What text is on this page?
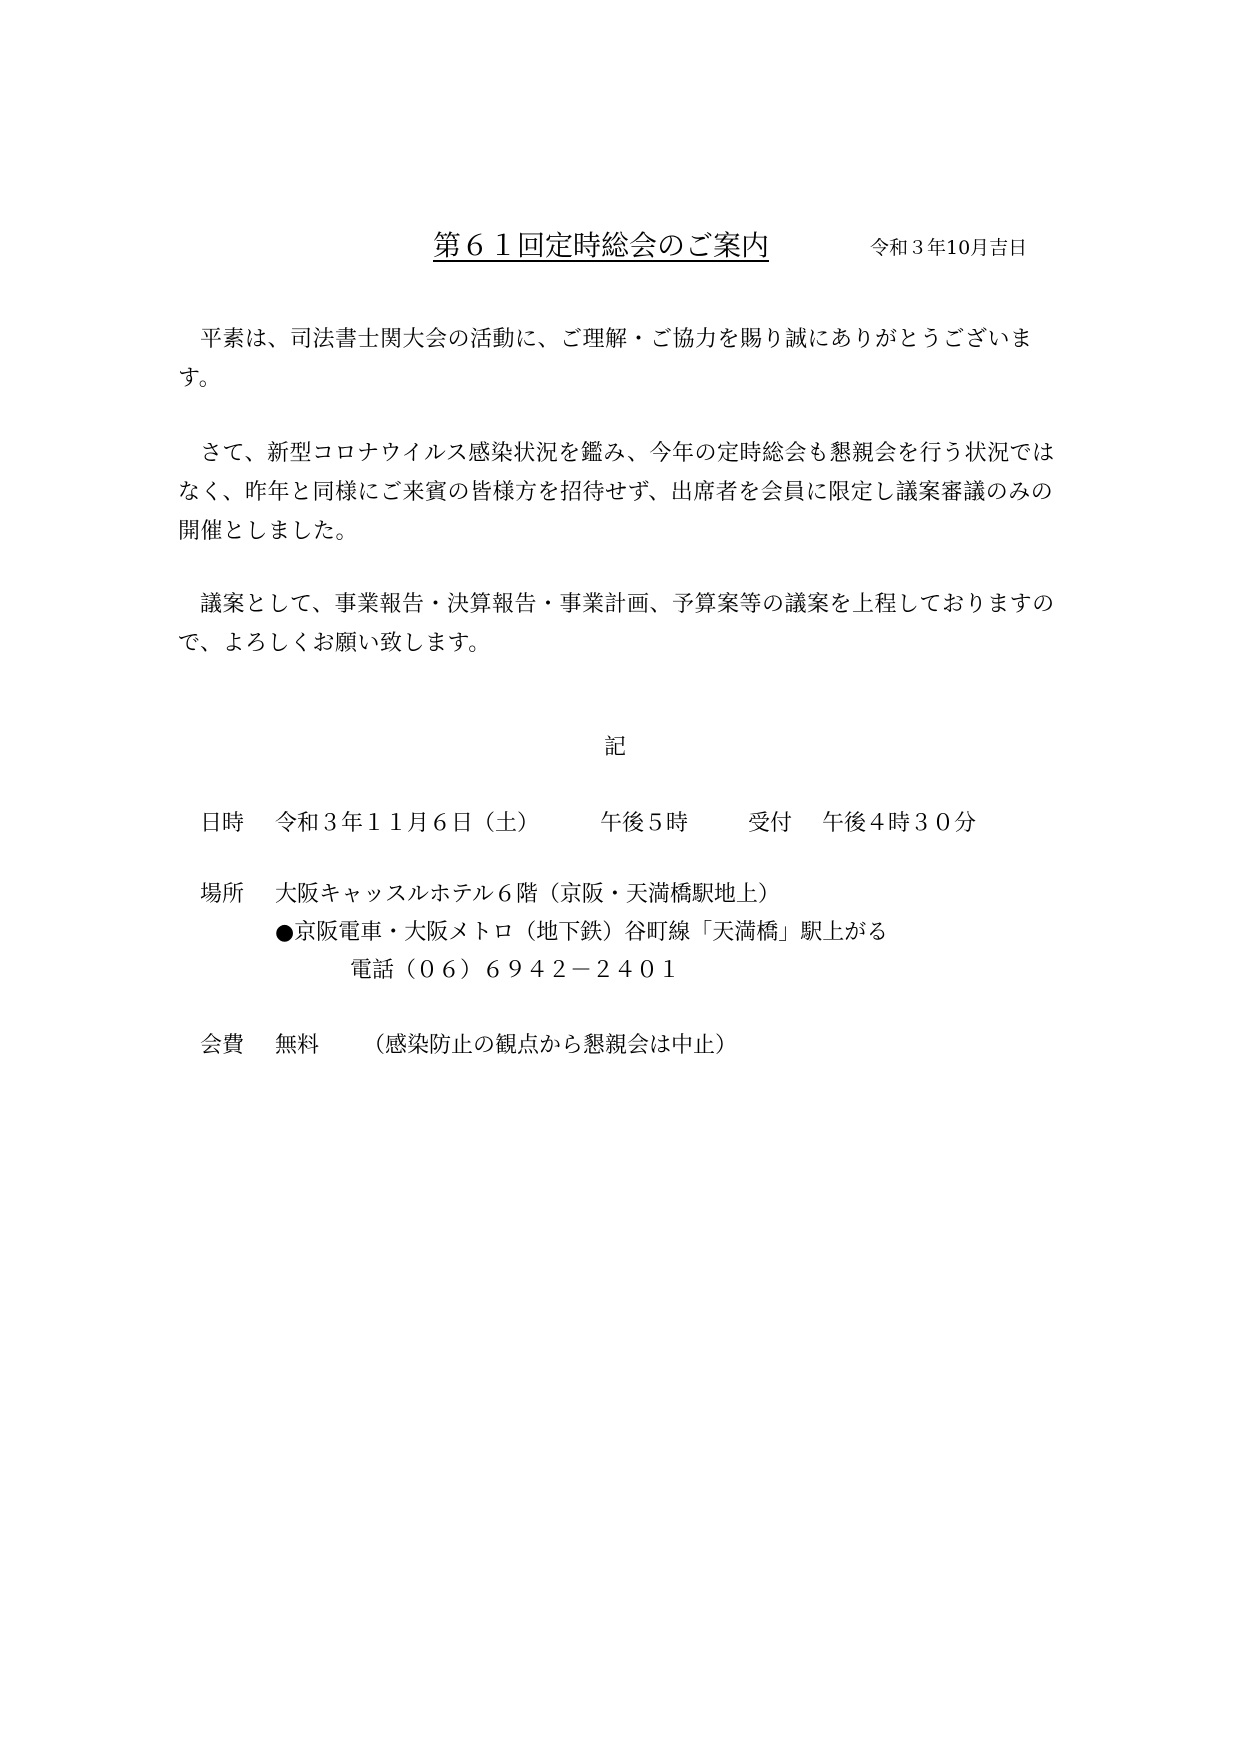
第６１回定時総会のご案内	令和３年10月吉日

平素は、司法書士関大会の活動に、ご理解・ご協力を賜り誠にありがとうございます。

さて、新型コロナウイルス感染状況を鑑み、今年の定時総会も懇親会を行う状況ではなく、昨年と同様にご来賓の皆様方を招待せず、出席者を会員に限定し議案審議のみの開催としました。

議案として、事業報告・決算報告・事業計画、予算案等の議案を上程しておりますので、よろしくお願い致します。

記
日時 令和３年１１月６日（土）	午後５時	受付 午後４時３０分
場所 大阪キャッスルホテル６階（京阪・天満橋駅地上）
●京阪電車・大阪メトロ（地下鉄）谷町線「天満橋」駅上がる
電話（０６）６９４２－２４０１
会費 無料 （感染防止の観点から懇親会は中止）
